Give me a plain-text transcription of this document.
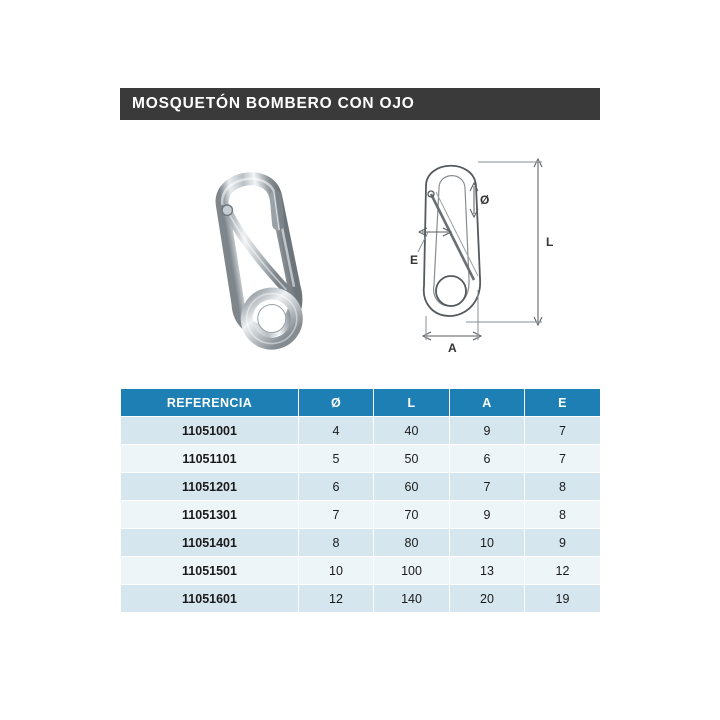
MOSQUETÓN BOMBERO CON OJO
L
A
Ø
E
REFERENCIA	Ø	L	A	E
11051001	4	40	9	7
11051101	5	50	6	7
11051201	6	60	7	8
11051301	7	70	9	8
11051401	8	80	10	9
11051501	10	100	13	12
11051601	12	140	20	19
